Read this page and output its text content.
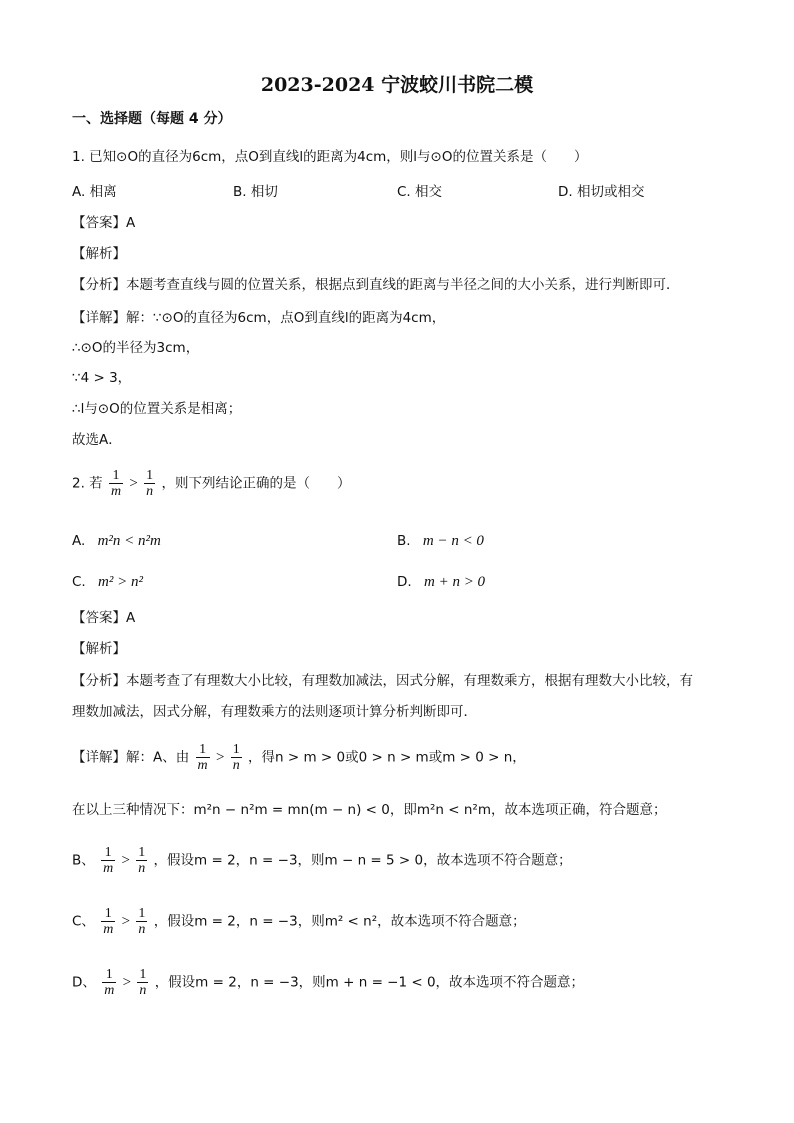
2023-2024 宁波蛟川书院二模
一、选择题（每题 4 分）
1. 已知⊙O的直径为6cm，点O到直线l的距离为4cm，则l与⊙O的位置关系是（　　）
A. 相离	B. 相切	C. 相交	D. 相切或相交
【答案】A
【解析】
【分析】本题考查直线与圆的位置关系，根据点到直线的距离与半径之间的大小关系，进行判断即可．
【详解】解：∵⊙O的直径为6cm，点O到直线l的距离为4cm，
∴⊙O的半径为3cm，
∵4 > 3，
∴l与⊙O的位置关系是相离；
故选A．
2. 若 $\frac{1}{m} > \frac{1}{n}$ ，则下列结论正确的是（　　）
A. m²n < n²m	B. m − n < 0
C. m² > n²	D. m + n > 0
【答案】A
【解析】
【分析】本题考查了有理数大小比较，有理数加减法，因式分解，有理数乘方，根据有理数大小比较，有
理数加减法，因式分解，有理数乘方的法则逐项计算分析判断即可．
【详解】解：A、由 $\frac{1}{m} > \frac{1}{n}$ ，得n > m > 0或0 > n > m或m > 0 > n，
在以上三种情况下：m²n − n²m = mn(m − n) < 0，即m²n < n²m，故本选项正确，符合题意；
B、 $\frac{1}{m} > \frac{1}{n}$ ，假设m = 2，n = −3，则m − n = 5 > 0，故本选项不符合题意；
C、 $\frac{1}{m} > \frac{1}{n}$ ，假设m = 2，n = −3，则m² < n²，故本选项不符合题意；
D、 $\frac{1}{m} > \frac{1}{n}$ ，假设m = 2，n = −3，则m + n = −1 < 0，故本选项不符合题意；
